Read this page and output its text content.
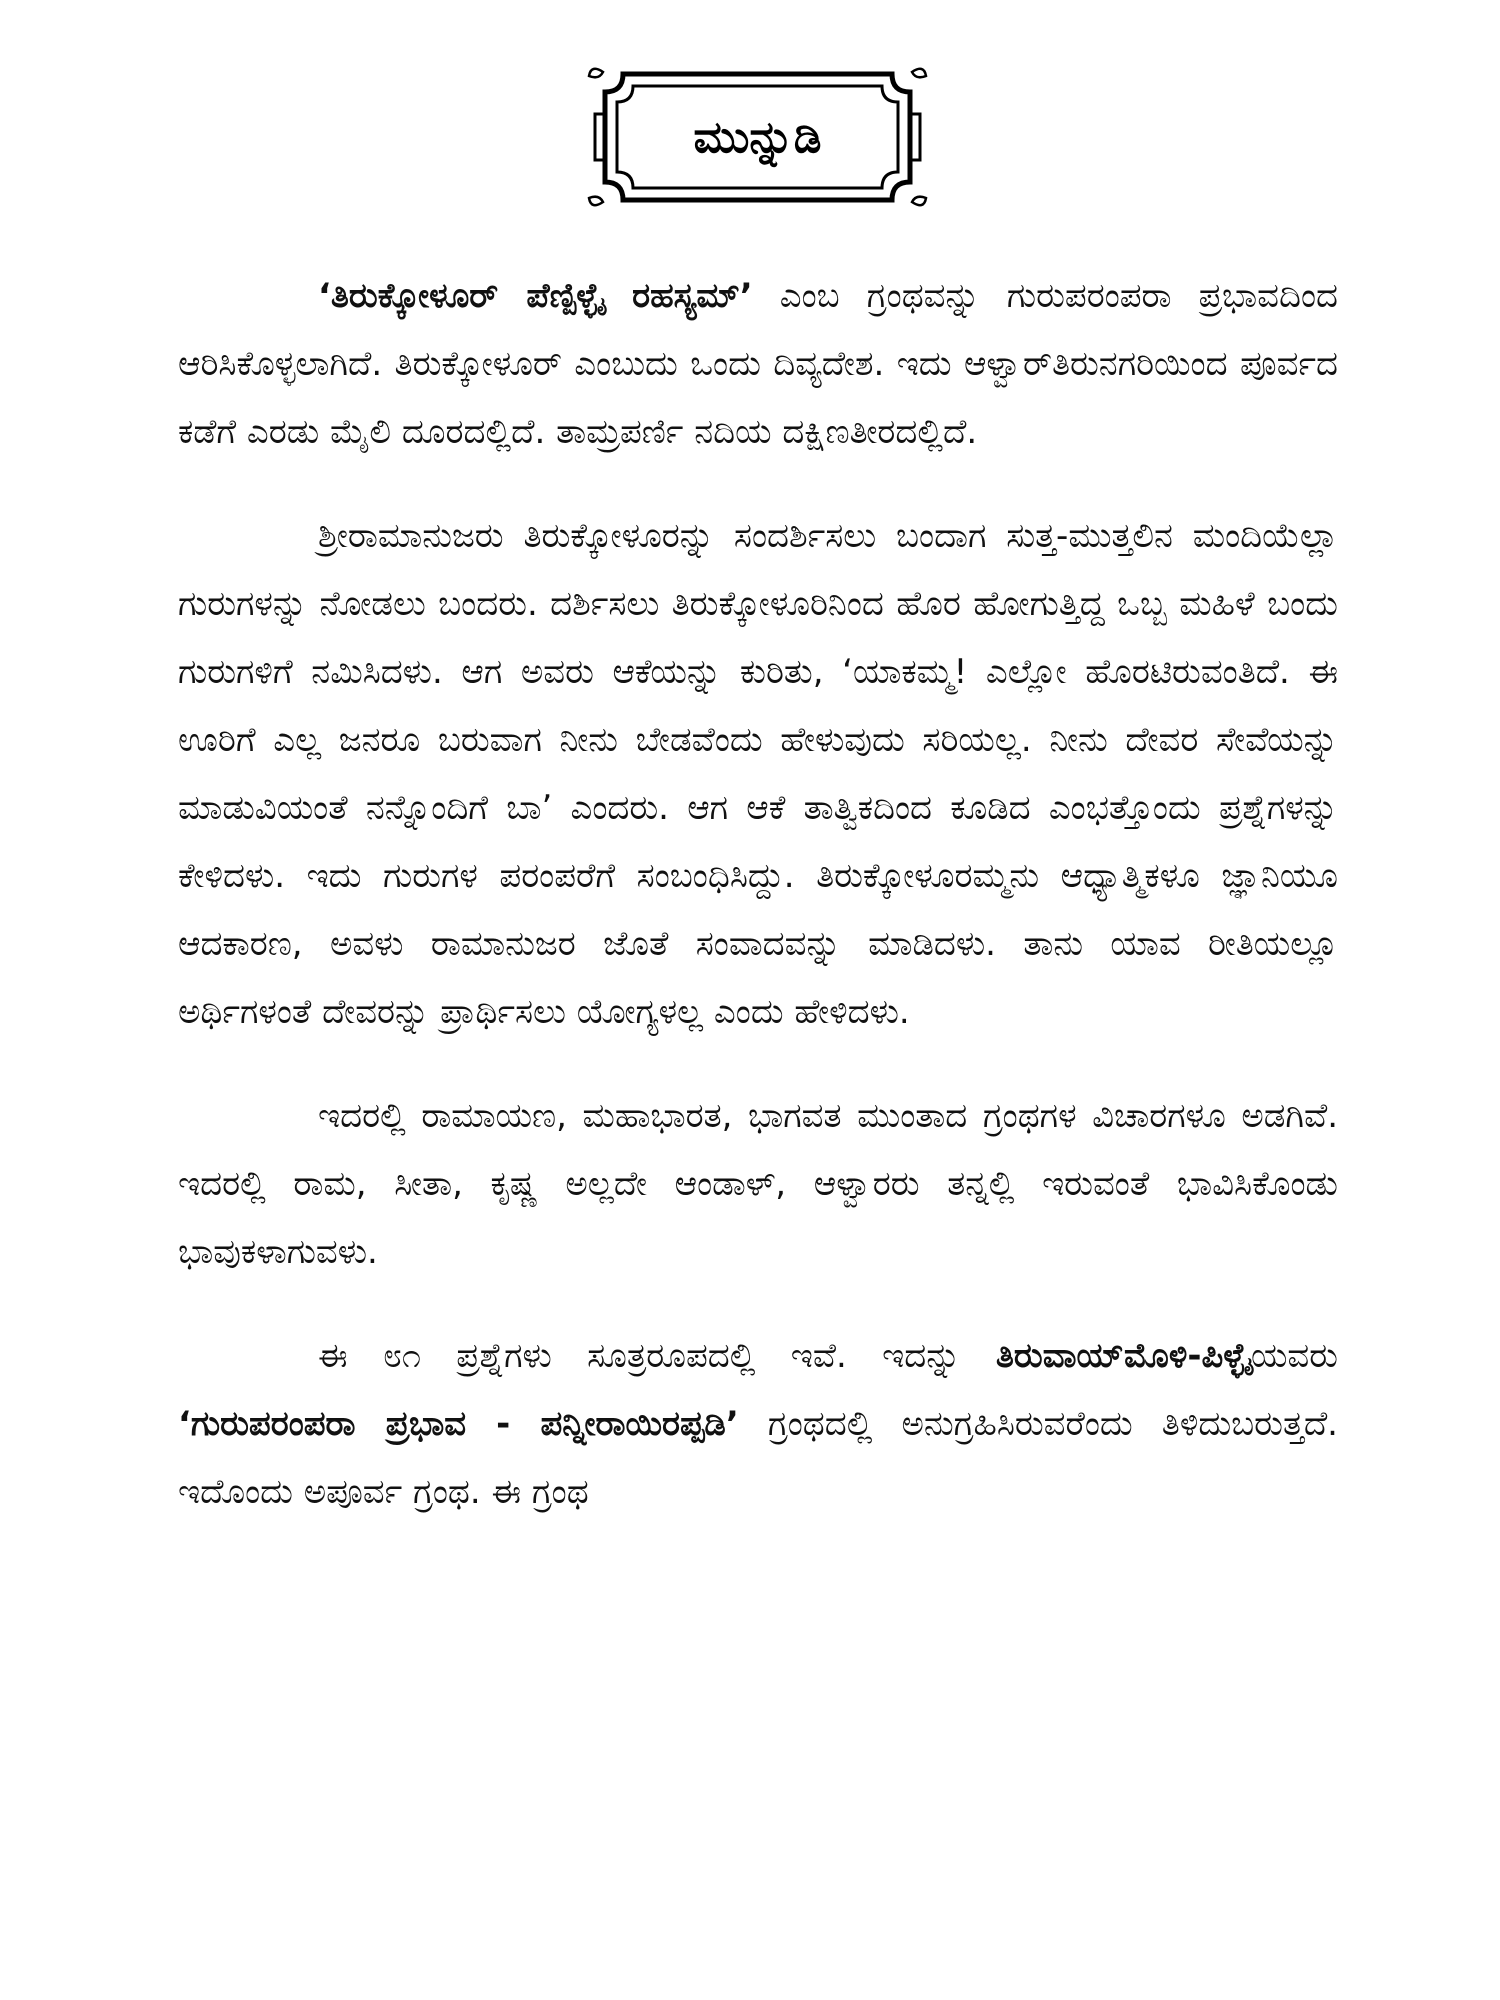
ಮುನ್ನುಡಿ

‘ತಿರುಕ್ಕೋಳೂರ್ ಪೆಣ್ಪಿಳ್ಳೈ ರಹಸ್ಯಮ್’ ಎಂಬ ಗ್ರಂಥವನ್ನು ಗುರುಪರಂಪರಾ ಪ್ರಭಾವದಿಂದ ಆರಿಸಿಕೊಳ್ಳಲಾಗಿದೆ. ತಿರುಕ್ಕೋಳೂರ್ ಎಂಬುದು ಒಂದು ದಿವ್ಯದೇಶ. ಇದು ಆಳ್ವಾರ್‌ತಿರುನಗರಿಯಿಂದ ಪೂರ್ವದ ಕಡೆಗೆ ಎರಡು ಮೈಲಿ ದೂರದಲ್ಲಿದೆ. ತಾಮ್ರಪರ್ಣಿ ನದಿಯ ದಕ್ಷಿಣತೀರದಲ್ಲಿದೆ.

ಶ್ರೀರಾಮಾನುಜರು ತಿರುಕ್ಕೋಳೂರನ್ನು ಸಂದರ್ಶಿಸಲು ಬಂದಾಗ ಸುತ್ತ-ಮುತ್ತಲಿನ ಮಂದಿಯೆಲ್ಲಾ ಗುರುಗಳನ್ನು ನೋಡಲು ಬಂದರು. ದರ್ಶಿಸಲು ತಿರುಕ್ಕೋಳೂರಿನಿಂದ ಹೊರ ಹೋಗುತ್ತಿದ್ದ ಒಬ್ಬ ಮಹಿಳೆ ಬಂದು ಗುರುಗಳಿಗೆ ನಮಿಸಿದಳು. ಆಗ ಅವರು ಆಕೆಯನ್ನು ಕುರಿತು, ‘ಯಾಕಮ್ಮ! ಎಲ್ಲೋ ಹೊರಟಿರುವಂತಿದೆ. ಈ ಊರಿಗೆ ಎಲ್ಲ ಜನರೂ ಬರುವಾಗ ನೀನು ಬೇಡವೆಂದು ಹೇಳುವುದು ಸರಿಯಲ್ಲ. ನೀನು ದೇವರ ಸೇವೆಯನ್ನು ಮಾಡುವಿಯಂತೆ ನನ್ನೊಂದಿಗೆ ಬಾ’ ಎಂದರು. ಆಗ ಆಕೆ ತಾತ್ವಿಕದಿಂದ ಕೂಡಿದ ಎಂಭತ್ತೊಂದು ಪ್ರಶ್ನೆಗಳನ್ನು ಕೇಳಿದಳು. ಇದು ಗುರುಗಳ ಪರಂಪರೆಗೆ ಸಂಬಂಧಿಸಿದ್ದು. ತಿರುಕ್ಕೋಳೂರಮ್ಮನು ಆಧ್ಯಾತ್ಮಿಕಳೂ ಜ್ಞಾನಿಯೂ ಆದಕಾರಣ, ಅವಳು ರಾಮಾನುಜರ ಜೊತೆ ಸಂವಾದವನ್ನು ಮಾಡಿದಳು. ತಾನು ಯಾವ ರೀತಿಯಲ್ಲೂ ಅರ್ಥಿಗಳಂತೆ ದೇವರನ್ನು ಪ್ರಾರ್ಥಿಸಲು ಯೋಗ್ಯಳಲ್ಲ ಎಂದು ಹೇಳಿದಳು.

ಇದರಲ್ಲಿ ರಾಮಾಯಣ, ಮಹಾಭಾರತ, ಭಾಗವತ ಮುಂತಾದ ಗ್ರಂಥಗಳ ವಿಚಾರಗಳೂ ಅಡಗಿವೆ. ಇದರಲ್ಲಿ ರಾಮ, ಸೀತಾ, ಕೃಷ್ಣ ಅಲ್ಲದೇ ಆಂಡಾಳ್, ಆಳ್ವಾರರು ತನ್ನಲ್ಲಿ ಇರುವಂತೆ ಭಾವಿಸಿಕೊಂಡು ಭಾವುಕಳಾಗುವಳು.

ಈ ೮೧ ಪ್ರಶ್ನೆಗಳು ಸೂತ್ರರೂಪದಲ್ಲಿ ಇವೆ. ಇದನ್ನು ತಿರುವಾಯ್‌ಮೊಳಿ-ಪಿಳ್ಳೈಯವರು ‘ಗುರುಪರಂಪರಾ ಪ್ರಭಾವ - ಪನ್ನೀರಾಯಿರಪ್ಪಡಿ’ ಗ್ರಂಥದಲ್ಲಿ ಅನುಗ್ರಹಿಸಿರುವರೆಂದು ತಿಳಿದುಬರುತ್ತದೆ. ಇದೊಂದು ಅಪೂರ್ವ ಗ್ರಂಥ. ಈ ಗ್ರಂಥ
